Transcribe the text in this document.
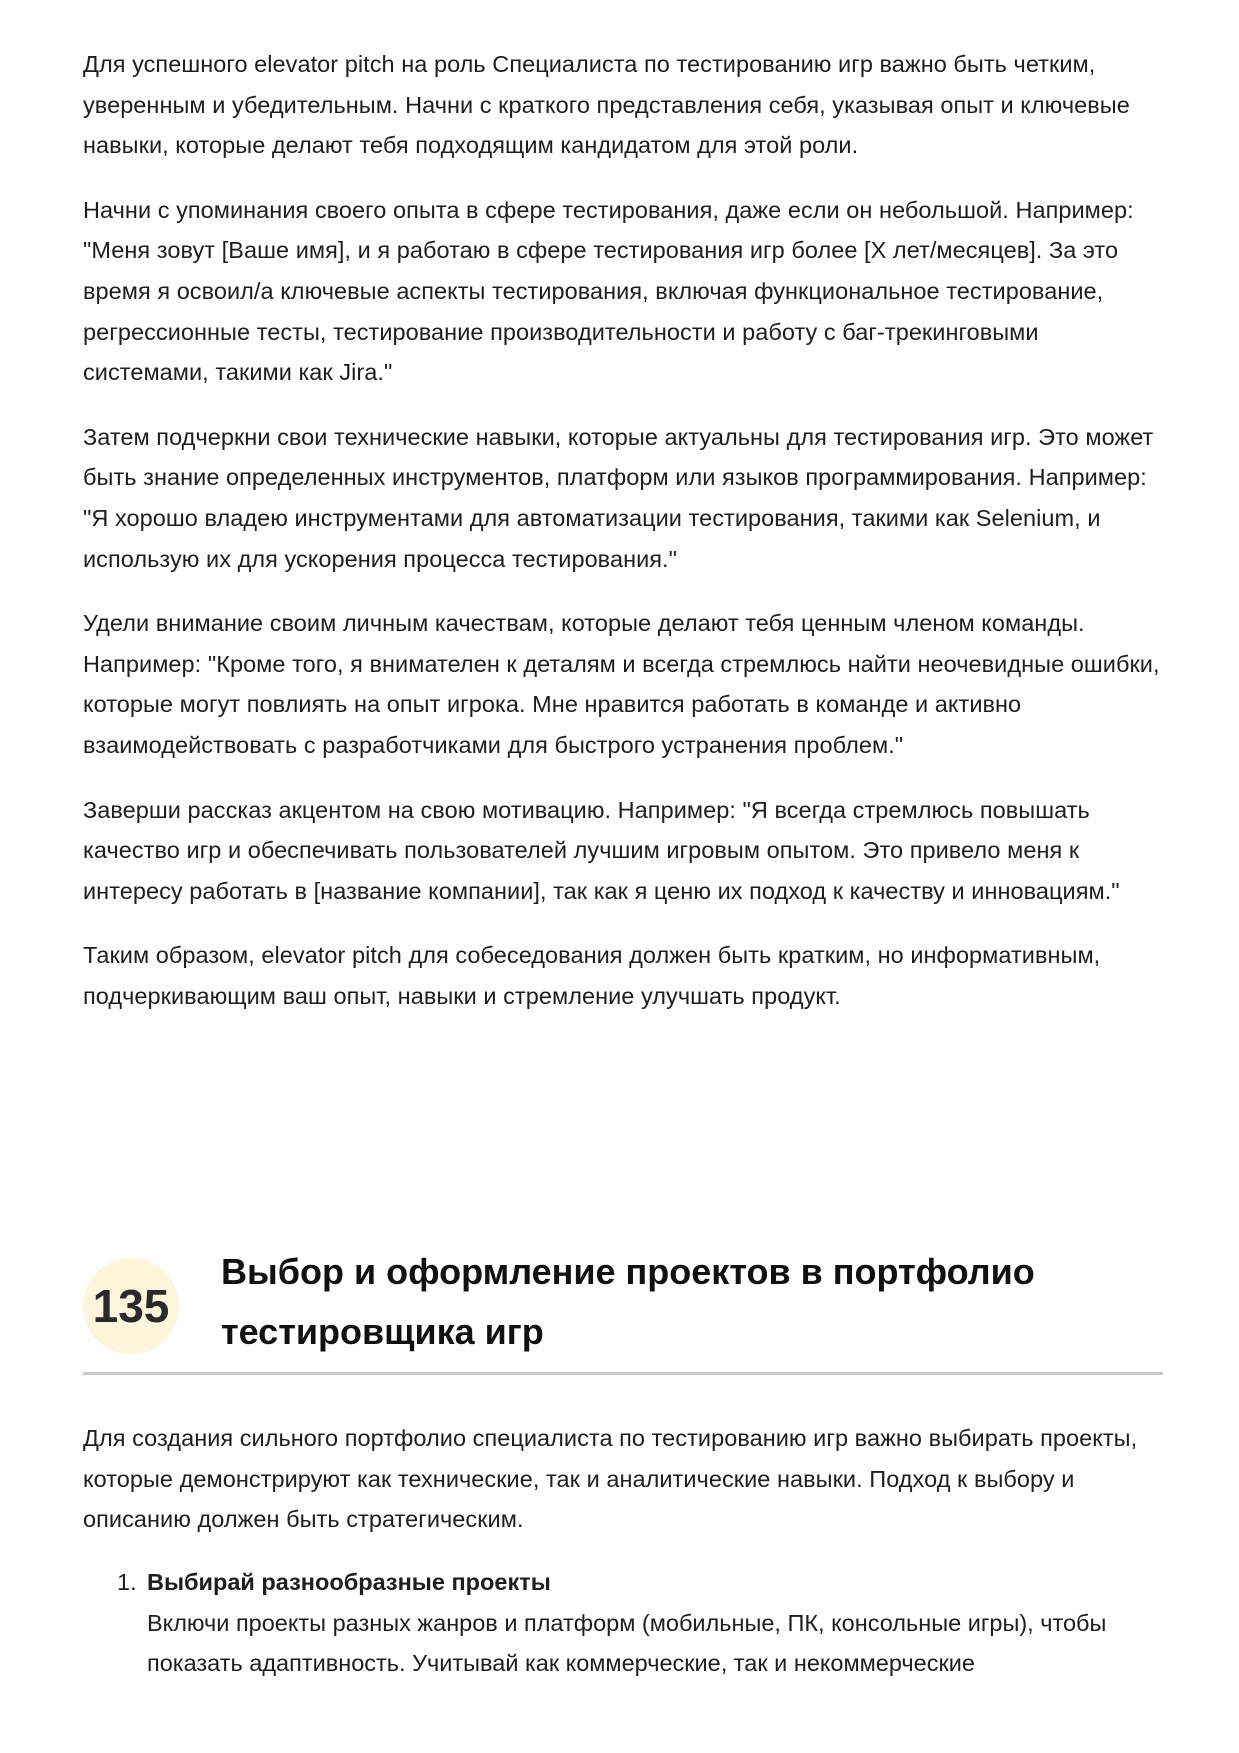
Для успешного elevator pitch на роль Специалиста по тестированию игр важно быть четким, уверенным и убедительным. Начни с краткого представления себя, указывая опыт и ключевые навыки, которые делают тебя подходящим кандидатом для этой роли.

Начни с упоминания своего опыта в сфере тестирования, даже если он небольшой. Например: "Меня зовут [Ваше имя], и я работаю в сфере тестирования игр более [X лет/месяцев]. За это время я освоил/а ключевые аспекты тестирования, включая функциональное тестирование, регрессионные тесты, тестирование производительности и работу с баг-трекинговыми системами, такими как Jira."

Затем подчеркни свои технические навыки, которые актуальны для тестирования игр. Это может быть знание определенных инструментов, платформ или языков программирования. Например: "Я хорошо владею инструментами для автоматизации тестирования, такими как Selenium, и использую их для ускорения процесса тестирования."

Удели внимание своим личным качествам, которые делают тебя ценным членом команды. Например: "Кроме того, я внимателен к деталям и всегда стремлюсь найти неочевидные ошибки, которые могут повлиять на опыт игрока. Мне нравится работать в команде и активно взаимодействовать с разработчиками для быстрого устранения проблем."

Заверши рассказ акцентом на свою мотивацию. Например: "Я всегда стремлюсь повышать качество игр и обеспечивать пользователей лучшим игровым опытом. Это привело меня к интересу работать в [название компании], так как я ценю их подход к качеству и инновациям."

Таким образом, elevator pitch для собеседования должен быть кратким, но информативным, подчеркивающим ваш опыт, навыки и стремление улучшать продукт.

135
Выбор и оформление проектов в портфолио тестировщика игр

Для создания сильного портфолио специалиста по тестированию игр важно выбирать проекты, которые демонстрируют как технические, так и аналитические навыки. Подход к выбору и описанию должен быть стратегическим.

1. Выбирай разнообразные проекты
Включи проекты разных жанров и платформ (мобильные, ПК, консольные игры), чтобы показать адаптивность. Учитывай как коммерческие, так и некоммерческие
